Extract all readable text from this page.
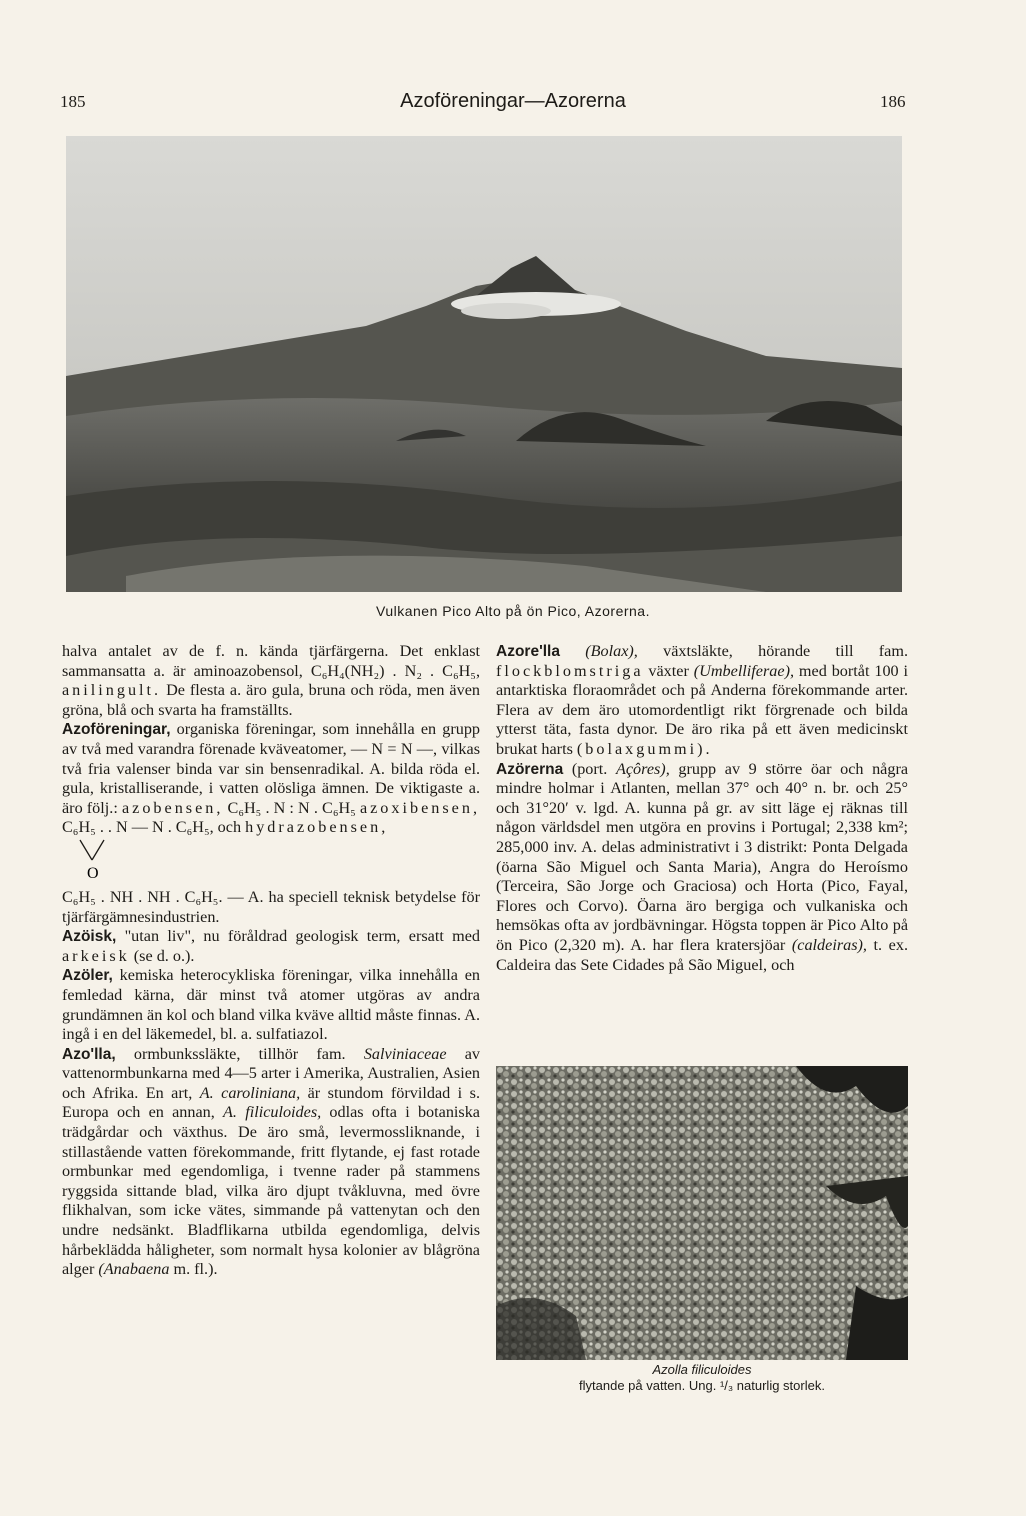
185	Azoföreningar—Azorerna	186
Vulkanen Pico Alto på ön Pico, Azorerna.

halva antalet av de f. n. kända tjärfärgerna. Det enklast sammansatta a. är aminoazobensol, C₆H₄(NH₂) . N₂ . C₆H₅, anilingult. De flesta a. äro gula, bruna och röda, men även gröna, blå och svarta ha framställts.

Azoföreningar, organiska föreningar, som innehålla en grupp av två med varandra förenade kväveatomer, — N = N —, vilkas två fria valenser binda var sin bensenradikal. A. bilda röda el. gula, kristalliserande, i vatten olösliga ämnen. De viktigaste a. äro följ.: azobensen, C₆H₅ . N : N . C₆H₅ azoxibensen, C₆H₅ . . N — N . C₆H₅, och hydrazobensen,

O

C₆H₅ . NH . NH . C₆H₅. — A. ha speciell teknisk betydelse för tjärfärgämnesindustrien.

Azöisk, "utan liv", nu föråldrad geologisk term, ersatt med arkeisk (se d. o.).

Azöler, kemiska heterocykliska föreningar, vilka innehålla en femledad kärna, där minst två atomer utgöras av andra grundämnen än kol och bland vilka kväve alltid måste finnas. A. ingå i en del läkemedel, bl. a. sulfatiazol.

Azo'lla, ormbunkssläkte, tillhör fam. Salviniaceae av vattenormbunkarna med 4—5 arter i Amerika, Australien, Asien och Afrika. En art, A. caroliniana, är stundom förvildad i s. Europa och en annan, A. filiculoides, odlas ofta i botaniska trädgårdar och växthus. De äro små, levermossliknande, i stillastående vatten förekommande, fritt flytande, ej fast rotade ormbunkar med egendomliga, i tvenne rader på stammens ryggsida sittande blad, vilka äro djupt tvåkluvna, med övre flikhalvan, som icke vätes, simmande på vattenytan och den undre nedsänkt. Bladflikarna utbilda egendomliga, delvis hårbeklädda håligheter, som normalt hysa kolonier av blågröna alger (Anabaena m. fl.).

Azore'lla (Bolax), växtsläkte, hörande till fam. flockblomstriga växter (Umbelliferae), med bortåt 100 i antarktiska floraområdet och på Anderna förekommande arter. Flera av dem äro utomordentligt rikt förgrenade och bilda ytterst täta, fasta dynor. De äro rika på ett även medicinskt brukat harts (bolaxgummi).

Azörerna (port. Açôres), grupp av 9 större öar och några mindre holmar i Atlanten, mellan 37° och 40° n. br. och 25° och 31°20′ v. lgd. A. kunna på gr. av sitt läge ej räknas till någon världsdel men utgöra en provins i Portugal; 2,338 km²; 285,000 inv. A. delas administrativt i 3 distrikt: Ponta Delgada (öarna São Miguel och Santa Maria), Angra do Heroísmo (Terceira, São Jorge och Graciosa) och Horta (Pico, Fayal, Flores och Corvo). Öarna äro bergiga och vulkaniska och hemsökas ofta av jordbävningar. Högsta toppen är Pico Alto på ön Pico (2,320 m). A. har flera kratersjöar (caldeiras), t. ex. Caldeira das Sete Cidades på São Miguel, och

Azolla filiculoides
flytande på vatten. Ung. ¹/₃ naturlig storlek.
